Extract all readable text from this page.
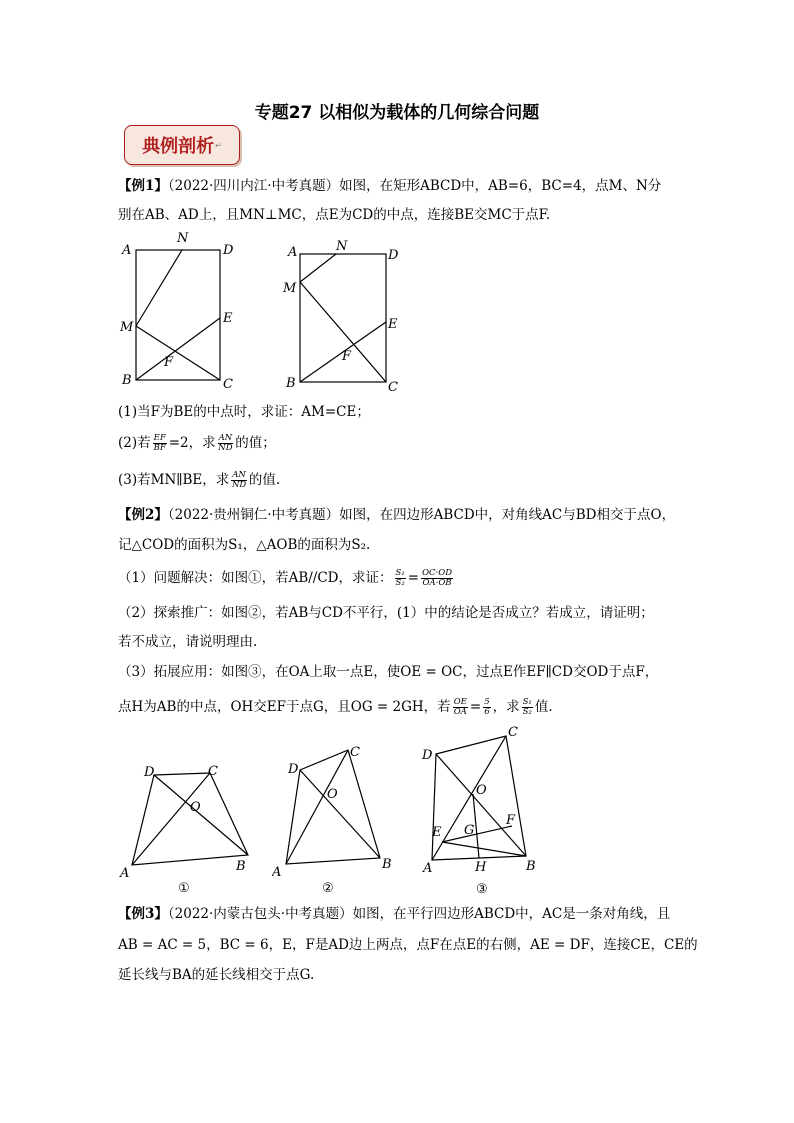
专题27 以相似为载体的几何综合问题
典例剖析 ↵
【例1】（2022·四川内江·中考真题）如图，在矩形ABCD中，AB=6，BC=4，点M、N分
别在AB、AD上，且MN⊥MC，点E为CD的中点，连接BE交MC于点F.
A
N
D
M
E
F
B	C
A	N
D
M
E
F
B	C
(1)当F为BE的中点时，求证：AM=CE；
(2)若 $\frac{EF}{BF} =2$，求 $\frac{AN}{ND}$ 的值；
(3)若MN∥BE，求 $\frac{AN}{ND}$ 的值.
【例2】（2022·贵州铜仁·中考真题）如图，在四边形ABCD中，对角线AC与BD相交于点O，
记△COD的面积为S₁，△AOB的面积为S₂.
（1）问题解决：如图①，若AB//CD，求证： $\frac{\text{S₁}}{\text{S₂}} = \frac{OC\cdot OD}{OA\cdot OB}$
（2）探索推广：如图②，若AB与CD不平行，(1）中的结论是否成立？若成立，请证明；
若不成立，请说明理由.
（3）拓展应用：如图③，在OA上取一点E，使OE = OC，过点E作EF∥CD交OD于点F，
点H为AB的中点，OH交EF于点G，且OG = 2GH，若 $\frac{OE}{OA} = \frac{5}{6}$ ，求 $\frac{\text{S₁}}{\text{S₂}}$ 值.
D	C
O
A	B
①
D
C
O
A
B
②
D
C
O
E G
F
A	H	B
③
【例3】（2022·内蒙古包头·中考真题）如图，在平行四边形ABCD中，AC是一条对角线，且
AB = AC = 5，BC = 6，E，F是AD边上两点，点F在点E的右侧，AE = DF，连接CE，CE的
延长线与BA的延长线相交于点G.
